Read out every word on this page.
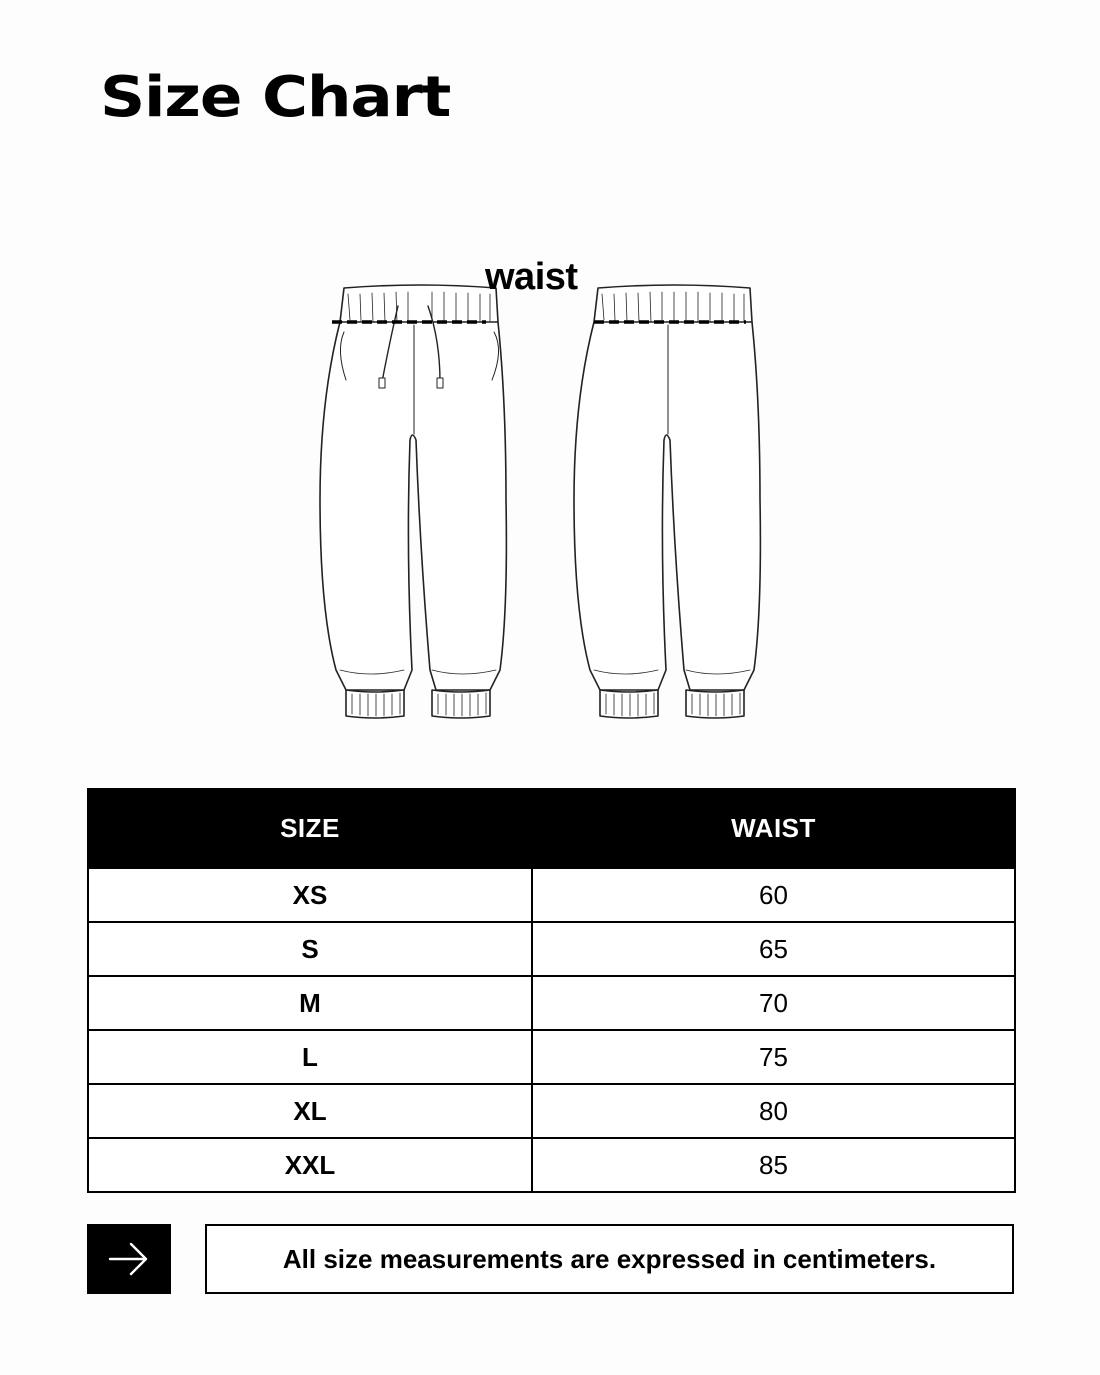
Size Chart
waist
SIZE	WAIST
XS	60
S	65
M	70
L	75
XL	80
XXL	85
All size measurements are expressed in centimeters.
